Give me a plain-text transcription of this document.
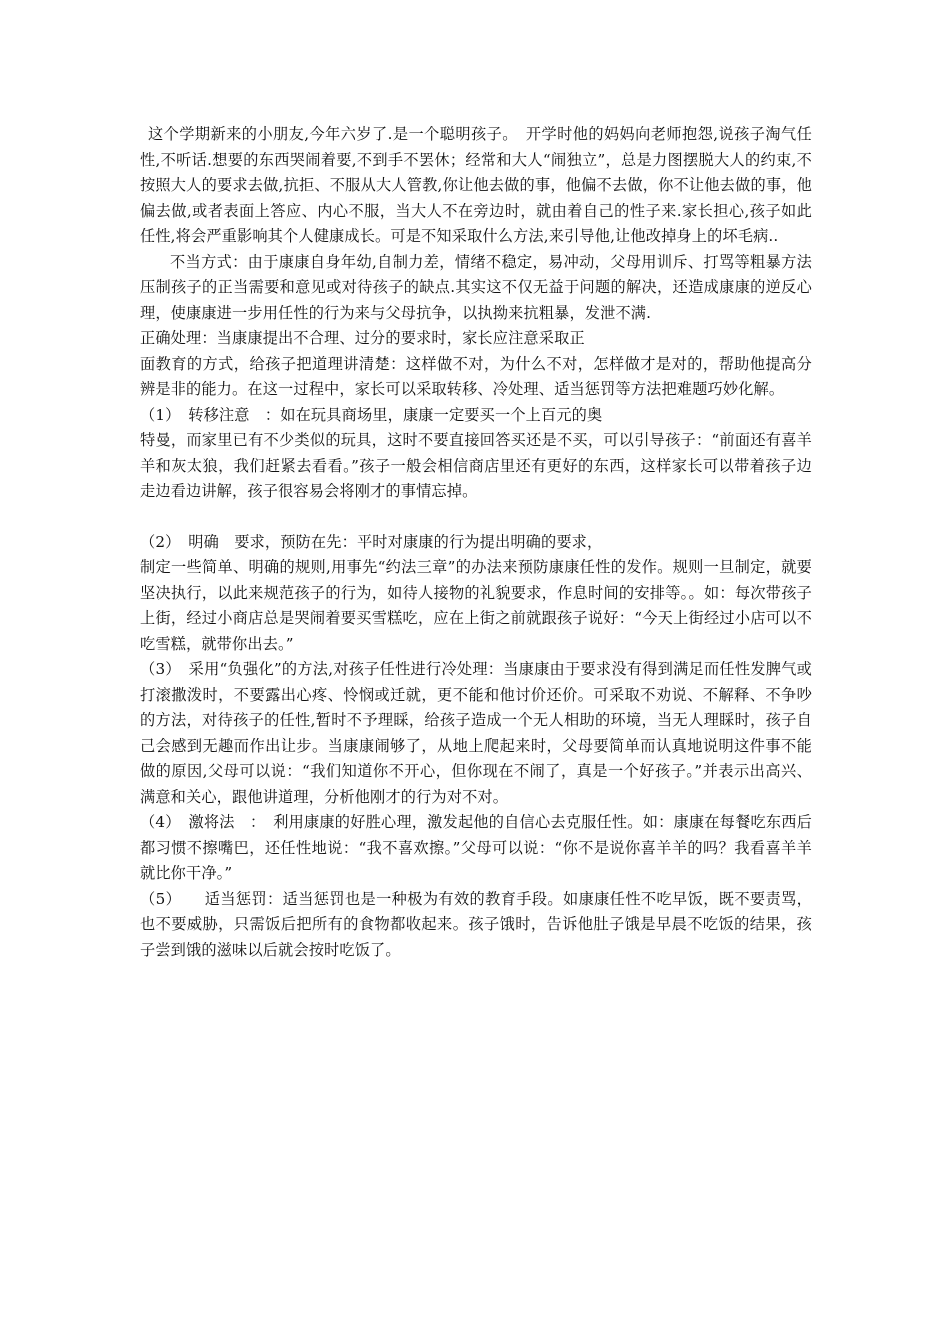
这个学期新来的小朋友,今年六岁了.是一个聪明孩子。　开学时他的妈妈向老师抱怨,说孩子淘气任性,不听话.想要的东西哭闹着要,不到手不罢休；经常和大人“闹独立”，总是力图摆脱大人的约束,不按照大人的要求去做,抗拒、不服从大人管教,你让他去做的事，他偏不去做，你不让他去做的事，他偏去做,或者表面上答应、内心不服，当大人不在旁边时，就由着自己的性子来.家长担心,孩子如此任性,将会严重影响其个人健康成长。可是不知采取什么方法,来引导他,让他改掉身上的坏毛病..

不当方式：由于康康自身年幼,自制力差，情绪不稳定，易冲动，父母用训斥、打骂等粗暴方法压制孩子的正当需要和意见或对待孩子的缺点.其实这不仅无益于问题的解决，还造成康康的逆反心理，使康康进一步用任性的行为来与父母抗争，以执拗来抗粗暴，发泄不满.

正确处理：当康康提出不合理、过分的要求时，家长应注意采取正

面教育的方式，给孩子把道理讲清楚：这样做不对，为什么不对，怎样做才是对的，帮助他提高分辨是非的能力。在这一过程中，家长可以采取转移、冷处理、适当惩罚等方法把难题巧妙化解。

（1）　转移注意　：如在玩具商场里，康康一定要买一个上百元的奥

特曼，而家里已有不少类似的玩具，这时不要直接回答买还是不买，可以引导孩子：“前面还有喜羊羊和灰太狼，我们赶紧去看看。”孩子一般会相信商店里还有更好的东西，这样家长可以带着孩子边走边看边讲解，孩子很容易会将刚才的事情忘掉。

（2）　明确　要求，预防在先：平时对康康的行为提出明确的要求，

制定一些简单、明确的规则,用事先“约法三章”的办法来预防康康任性的发作。规则一旦制定，就要坚决执行，以此来规范孩子的行为，如待人接物的礼貌要求，作息时间的安排等。。如：每次带孩子上街，经过小商店总是哭闹着要买雪糕吃，应在上街之前就跟孩子说好：“今天上街经过小店可以不吃雪糕，就带你出去。”

（3）　采用“负强化”的方法,对孩子任性进行冷处理：当康康由于要求没有得到满足而任性发脾气或打滚撒泼时，不要露出心疼、怜悯或迁就，更不能和他讨价还价。可采取不劝说、不解释、不争吵的方法，对待孩子的任性,暂时不予理睬，给孩子造成一个无人相助的环境，当无人理睬时，孩子自己会感到无趣而作出让步。当康康闹够了，从地上爬起来时，父母要简单而认真地说明这件事不能做的原因,父母可以说：“我们知道你不开心，但你现在不闹了，真是一个好孩子。”并表示出高兴、满意和关心，跟他讲道理，分析他刚才的行为对不对。

（4）　激将法　：　利用康康的好胜心理，激发起他的自信心去克服任性。如：康康在每餐吃东西后都习惯不擦嘴巴，还任性地说：“我不喜欢擦。”父母可以说：“你不是说你喜羊羊的吗？我看喜羊羊就比你干净。”

（5）　　适当惩罚：适当惩罚也是一种极为有效的教育手段。如康康任性不吃早饭，既不要责骂，也不要威胁，只需饭后把所有的食物都收起来。孩子饿时，告诉他肚子饿是早晨不吃饭的结果，孩子尝到饿的滋味以后就会按时吃饭了。
